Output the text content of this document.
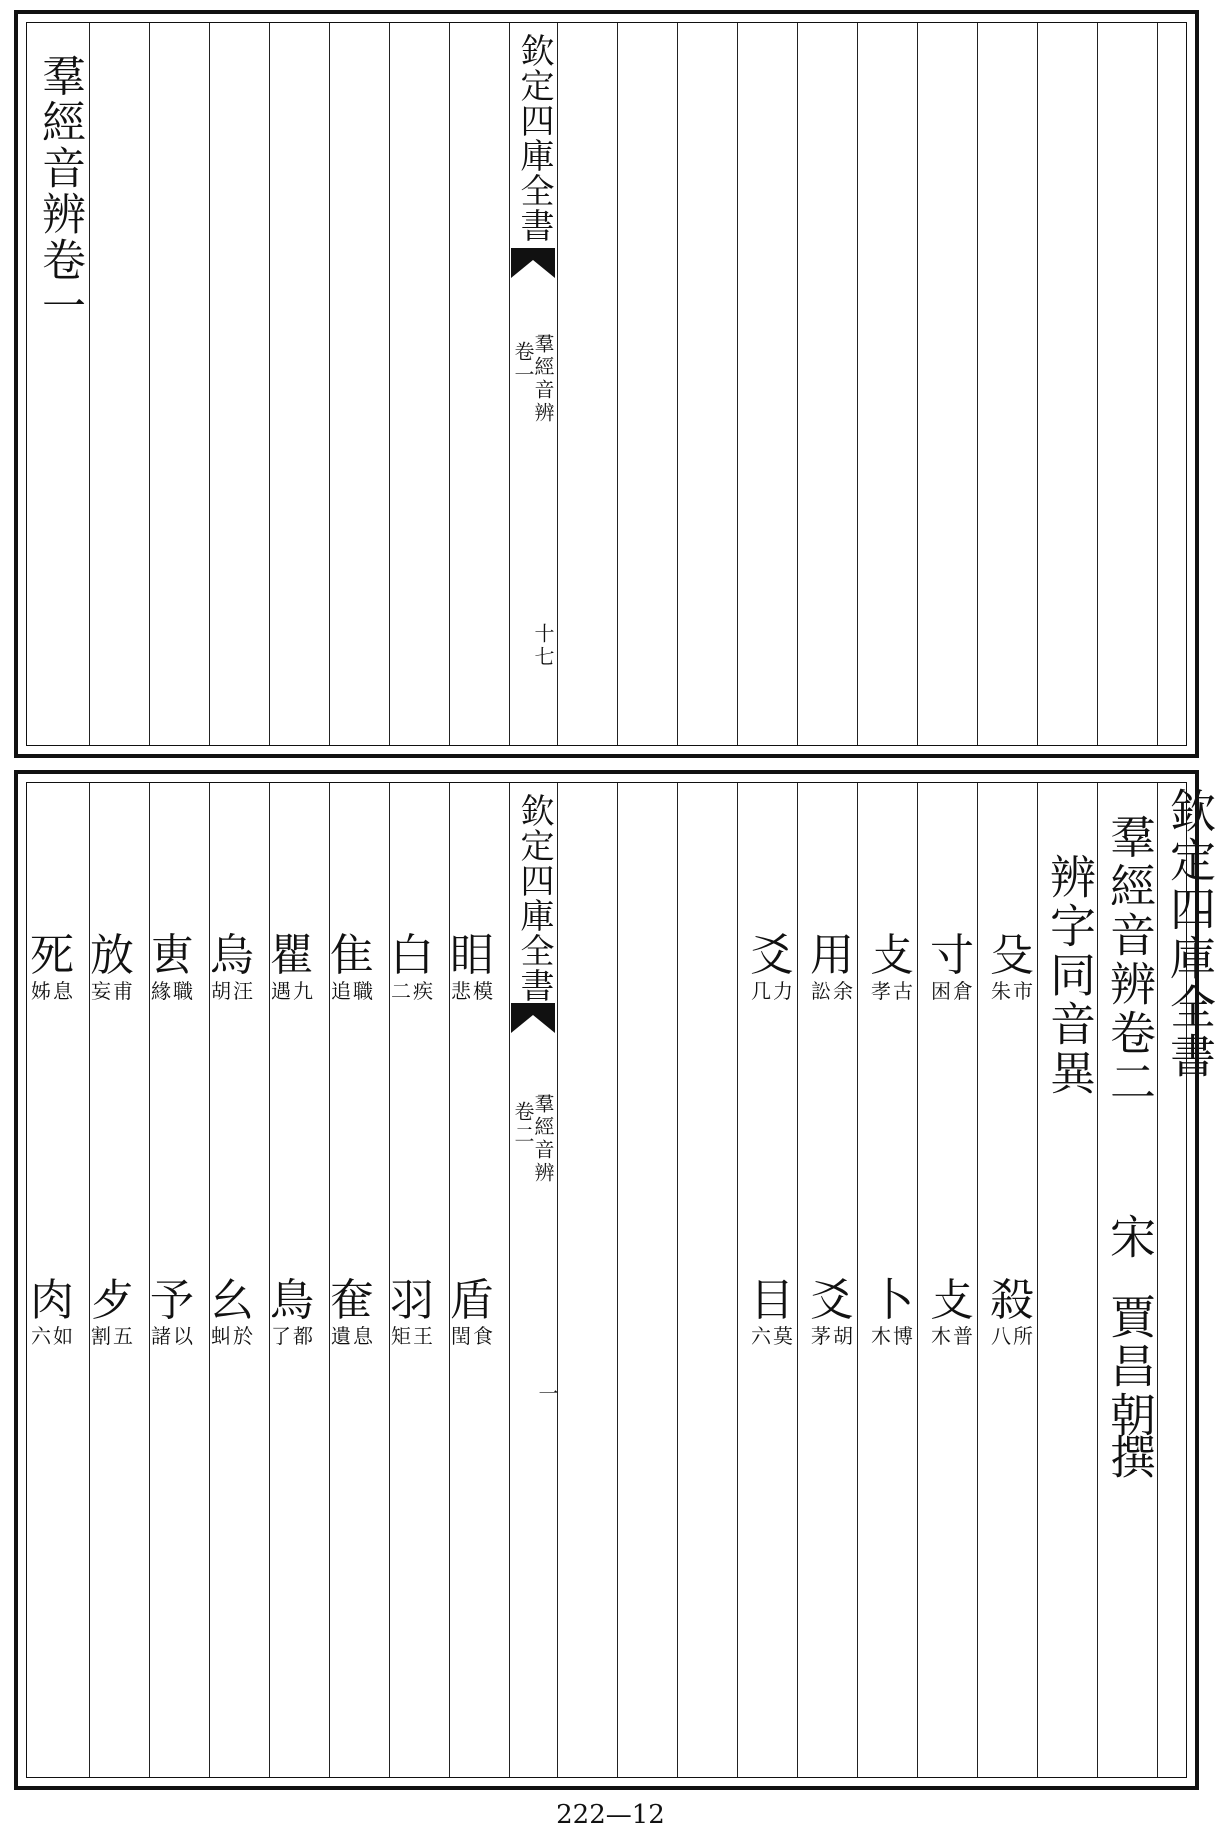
羣經音辨卷一	欽定四庫全書
羣經音辨
卷一
十七
欽定四庫全書
羣經音辨卷二
宋
賈昌朝
撰
辨字同音異
欽定四庫全書
羣經音辨
卷二
一
殳
市
朱
寸
倉
困
攴
古
孝
用
余
訟
爻
力
几
䀠
模
悲
白
疾
二
隹
職
追
瞿
九
遇
烏
汪
胡
叀
職
緣
放
甫
妄
死
息
姊
殺
所
八
攴
普
木
卜
博
木
爻
胡
茅
目
莫
六
盾
食
閏
羽
王
矩
奞
息
遺
鳥
都
了
幺
於
虯
予
以
諸
歺
五
割
肉
如
六
222—12
